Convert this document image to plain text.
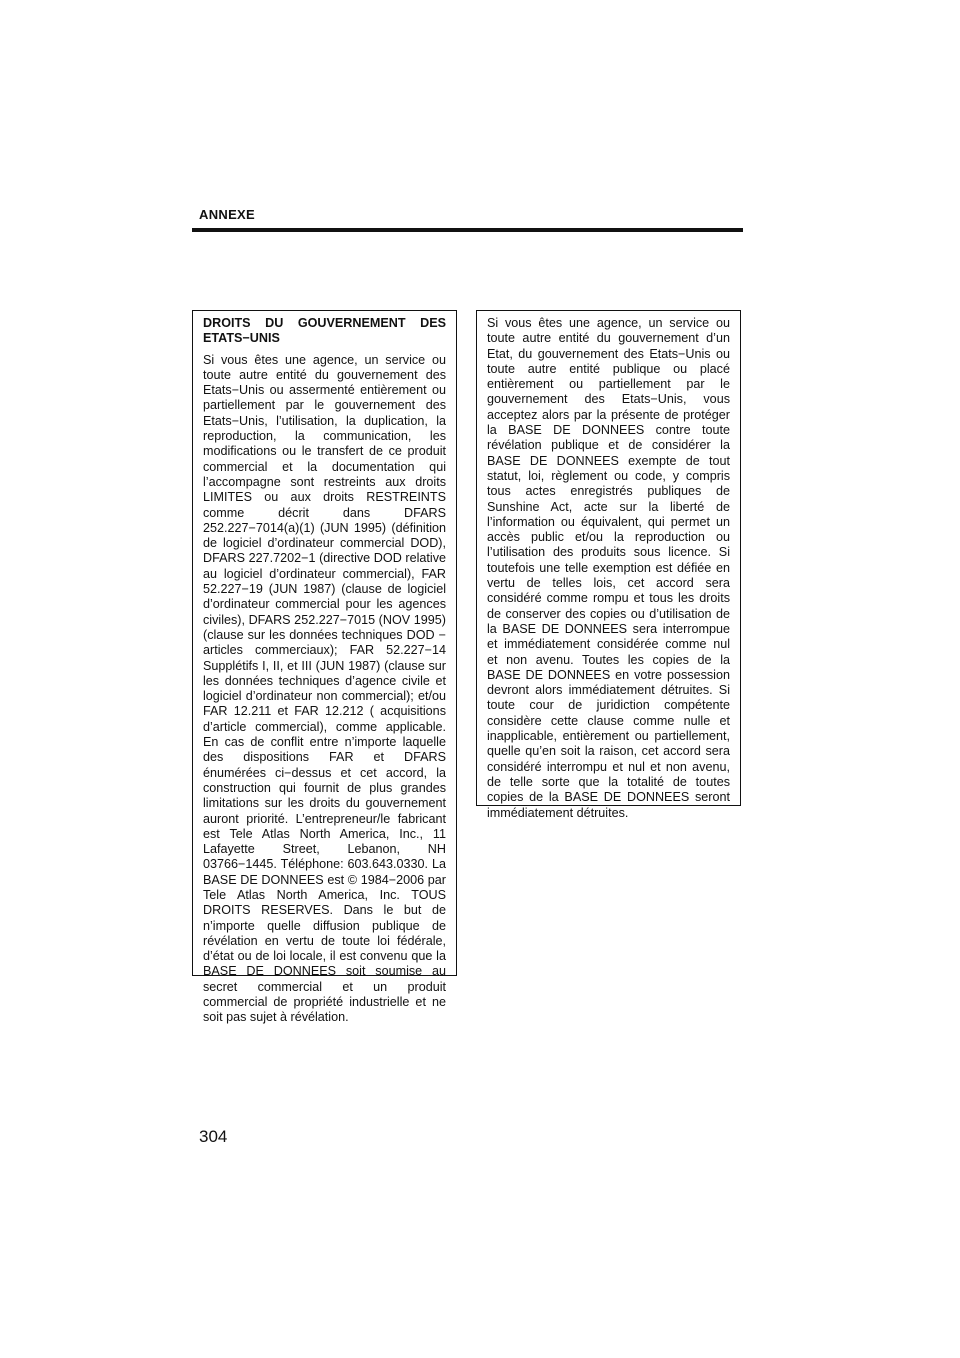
ANNEXE
DROITS DU GOUVERNEMENT DES ETATS−UNIS

Si vous êtes une agence, un service ou toute autre entité du gouvernement des Etats−Unis ou assermenté entièrement ou partiellement par le gouvernement des Etats−Unis, l’utilisation, la duplication, la reproduction, la communication, les modifications ou le transfert de ce produit commercial et la documentation qui l’accompagne sont restreints aux droits LIMITES ou aux droits RESTREINTS comme décrit dans DFARS 252.227−7014(a)(1) (JUN 1995) (définition de logiciel d’ordinateur commercial DOD), DFARS 227.7202−1 (directive DOD relative au logiciel d’ordinateur commercial), FAR 52.227−19 (JUN 1987) (clause de logiciel d’ordinateur commercial pour les agences civiles), DFARS 252.227−7015 (NOV 1995) (clause sur les données techniques DOD − articles commerciaux); FAR 52.227−14 Supplétifs I, II, et III (JUN 1987) (clause sur les données techniques d’agence civile et logiciel d’ordinateur non commercial); et/ou FAR 12.211 et FAR 12.212 ( acquisitions d’article commercial), comme applicable. En cas de conflit entre n’importe laquelle des dispositions FAR et DFARS énumérées ci−dessus et cet accord, la construction qui fournit de plus grandes limitations sur les droits du gouvernement auront priorité. L’entrepreneur/le fabricant est Tele Atlas North America, Inc., 11 Lafayette Street, Lebanon, NH 03766−1445. Téléphone: 603.643.0330. La BASE DE DONNEES est © 1984−2006 par Tele Atlas North America, Inc. TOUS DROITS RESERVES. Dans le but de n’importe quelle diffusion publique de révélation en vertu de toute loi fédérale, d’état ou de loi locale, il est convenu que la BASE DE DONNEES soit soumise au secret commercial et un produit commercial de propriété industrielle et ne soit pas sujet à révélation.

Si vous êtes une agence, un service ou toute autre entité du gouvernement d’un Etat, du gouvernement des Etats−Unis ou toute autre entité publique ou placé entièrement ou partiellement par le gouvernement des Etats−Unis, vous acceptez alors par la présente de protéger la BASE DE DONNEES contre toute révélation publique et de considérer la BASE DE DONNEES exempte de tout statut, loi, règlement ou code, y compris tous actes enregistrés publiques de Sunshine Act, acte sur la liberté de l’information ou équivalent, qui permet un accès public et/ou la reproduction ou l’utilisation des produits sous licence. Si toutefois une telle exemption est défiée en vertu de telles lois, cet accord sera considéré comme rompu et tous les droits de conserver des copies ou d’utilisation de la BASE DE DONNEES sera interrompue et immédiatement considérée comme nul et non avenu. Toutes les copies de la BASE DE DONNEES en votre possession devront alors immédiatement détruites. Si toute cour de juridiction compétente considère cette clause comme nulle et inapplicable, entièrement ou partiellement, quelle qu’en soit la raison, cet accord sera considéré interrompu et nul et non avenu, de telle sorte que la totalité de toutes copies de la BASE DE DONNEES seront immédiatement détruites.

304
